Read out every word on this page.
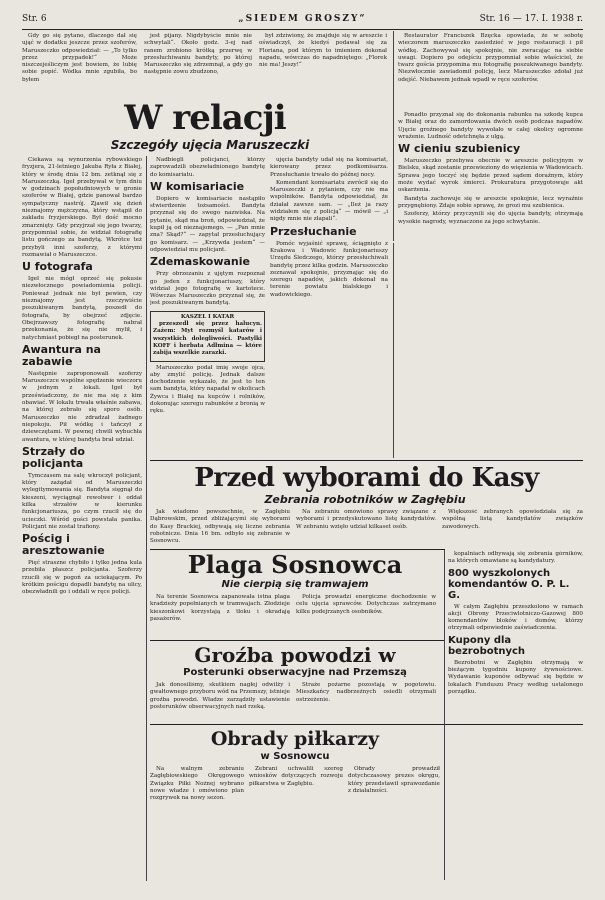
Str. 6	„SIEDEM GROSZY“	Str. 16 — 17. I. 1938 r.

Gdy go się pytano, dlaczego dał się ująć w dodatku jeszcze przez szoferów, Maruszeczko odpowiedział: — „To tylko przez przypadek!“ Może niszczejeśliczym jest bowiem, że lubię sobie popić. Wódka mnie zgubiła, bo byłem

jest pijany. Nigdybyście mnie nie schwytali“. Około godz. 3-ej nad ranem zrobiono krótką przerwę w przesłuchiwaniu bandyty, po której Maruszeczko się zdrzemnął, a gdy go następnie zowu zbudzono,

był zdziwiony, że znajduje się w areszcie i oświadczył, że kiedyś podawał się za Floriana, pod którym to imieniem dokonał napadu, wówczas do napadniętego: „Florek nie ma! Jeszy!“

Restaurator Franciszek Bzęcka opowiada, że w sobotę wieczorem maruszeczko zasiedzieć w jego restauracji i pił wódkę. Zachowywał się spokojnie, nie zwracając na siebie uwagi. Dopiero po odejściu przypomniał sobie właściciel, że twarz gościa przypomina mu fotografię poszukiwanego bandyty. Niezwłocznie zawiadomił policję, lecz Maruszeczko zdołał już odejść. Niebawem jednak wpadł w ręce szoferów.

W relacji
Szczegóły ujęcia Maruszeczki

Ciekawa są wynurzenia rybowskiego fryzjera, 21-letniego Jakuba Ryła z Białej, który w środę dnia 12 bm. zetknął się z Maruszeczką. Igeł przebywał w tym dniu w godzinach popołudniowych w gronie szoferów w Białej, gdzie panował bardzo sympatyczny nastrój. Zjawił się dzień nieznajomy mężczyzna, który wstąpił do zakładu fryzjerskiego. Był dość mocno zmarznięty. Gdy przyjrzał się jego twarzy, przypomniał sobie, że widział fotografię listu gończego za bandytą. Wkrótce też przybyli inni szoferzy, z którymi rozmawiał o Maruszeczce.

U fotografa

Igeł nie mógł oprzeć się pokusie niezwłocznego powiadomienia policji. Ponieważ jednak nie był pewien, czy nieznajomy jest rzeczywiście poszukiwanym bandytą, poszedł do fotografa, by obejrzeć zdjęcie. Obejrzawszy fotografię nabrał przekonania, że się nie mylił, i natychmiast pobiegł na posterunek.

Awantura na zabawie

Następnie zaproponowali szoferzy Maruszeczce wspólne spędzenie wieczoru w jednym z lokali. Igeł był przeświadczony, że nie ma się z kim obawiać. W lokalu trwała właśnie zabawa, na której zebrało się sporo osób. Maruszeczko nie zdradzał żadnego niepokoju. Pił wódkę i tańczył z dziewczętami. W pewnej chwili wybuchła awantura, w której bandyta brał udział.

Strzały do policjanta

Tymczasem na salę wkroczył policjant, który zażądał od Maruszeczki wylegitymowania się. Bandyta sięgnął do kieszeni, wyciągnął rewolwer i oddał kilka strzałów w kierunku funkcjonariusza, po czym rzucił się do ucieczki. Wśród gości powstała panika. Policjant nie został trafiony.

Pościg i aresztowanie

Pięć straszne chybiło i tylko jedna kula przebiła płaszcz policjanta. Szoferzy rzucili się w pogoń za uciekającym. Po krótkim pościgu dopadli bandytę na ulicy, obezwładnili go i oddali w ręce policji.

Nadbiegli policjanci, którzy zaprowadzili obezwładnionego bandytę do komisariatu.

W komisariacie

Dopiero w komisariacie nastąpiło stwierdzenie tożsamości. Bandyta przyznał się do swego nazwiska. Na pytanie, skąd ma broń, odpowiedział, że kupił ją od nieznajomego. — „Pan mnie zna? Skąd?“ — zapytał przesłuchujący go komisarz. — „Krzywda jestem“ — odpowiedział mu policjant.

Zdemaskowanie

Przy obrzezaniu z ujętym rozpoznał go jeden z funkcjonariuszy, który widział jego fotografię w kartotece. Wówczas Maruszeczko przyznał się, że jest poszukiwanym bandytą.

KASZEL I KATAR

przeszedł się przez halucyn. Zażem: Myt rozmyśl katarów i wszystkich dolegliwości. Pastylki KOFF i herbata Adłmina — które zabija wszelkie zarazki.

Maruszeczko podał imię swoje ojca, aby zmylić policję. Jednak dalsze dochodzenie wykazało, że jest to ten sam bandyta, który napadał w okolicach Żywca i Białej na kupców i rolników, dokonując szeregu rabunków z bronią w ręku.

ujęcia bandyty udał się na komisariat, kierowany przez podkomisarza. Przesłuchanie trwało do późnej nocy.

Komendant komisariatu zwrócił się do Maruszeczki z pytaniem, czy nie ma wspólników. Bandyta odpowiedział, że działał zawsze sam. — „Ileż ja razy widziałem się z policją“ — mówił — „i nigdy mnie nie złapali“.

Przesłuchanie

Pomóc wyjaśnić sprawę, ściągnięto z Krakowa i Wadowic funkcjonariuszy Urzędu Śledczego, którzy przesłuchiwali bandytę przez kilka godzin. Maruszeczko zeznawał spokojnie, przyznając się do szeregu napadów, jakich dokonał na terenie powiatu bialskiego i wadowickiego.

Ponadto przyznał się do dokonania rabunku na szkodę kupca w Białej oraz do zamordowania dwóch osób podczas napadów. Ujęcie groźnego bandyty wywołało w całej okolicy ogromne wrażenie. Ludność odetchnęła z ulgą.

W cieniu szubienicy

Maruszeczko przebywa obecnie w areszcie policyjnym w Bielsku, skąd zostanie przewieziony do więzienia w Wadowicach. Sprawa jego toczyć się będzie przed sądem doraźnym, który może wydać wyrok śmierci. Prokuratura przygotowuje akt oskarżenia.

Bandyta zachowuje się w areszcie spokojnie, lecz wyraźnie przygnębiony. Zdaje sobie sprawę, że grozi mu szubienica.

Szoferzy, którzy przyczynili się do ujęcia bandyty, otrzymają wysokie nagrody, wyznaczone za jego schwytanie.

Przed wyborami do Kasy
Zebrania robotników w Zagłębiu

Jak wiadomo powszechnie, w Zagłębiu Dąbrowskim, przed zbliżającymi się wyborami do Kasy Brackiej, odbywają się liczne zebrania robotnicze. Dnia 16 bm. odbyło się zebranie w Sosnowcu.

Na zebraniu omówiono sprawy związane z wyborami i przedyskutowano listę kandydatów. W zebraniu wzięło udział kilkaset osób.

Większość zebranych opowiedziała się za wspólną listą kandydatów związków zawodowych.

Plaga Sosnowca
Nie cierpią się tramwajem

Na terenie Sosnowca zapanowała istna plaga kradzieży popełnianych w tramwajach. Złodzieje kieszonkowi korzystają z tłoku i okradają pasażerów.

Policja prowadzi energiczne dochodzenie w celu ujęcia sprawców. Dotychczas zatrzymano kilku podejrzanych osobników.

Groźba powodzi w
Posterunki obserwacyjne nad Przemszą

Jak donosiliśmy, skutkiem nagłej odwilży i gwałtownego przyboru wód na Przemszy, istnieje groźba powodzi. Władze zarządziły ustawienie posterunków obserwacyjnych nad rzeką.

Straże pożarne pozostają w pogotowiu. Mieszkańcy nadbrzeżnych osiedli otrzymali ostrzeżenie.

Obrady piłkarzy
w Sosnowcu

Na walnym zebraniu Zagłębiowskiego Okręgowego Związku Piłki Nożnej wybrano nowe władze i omówiono plan rozgrywek na nowy sezon.

Zebrani uchwalili szereg wniosków dotyczących rozwoju piłkarstwa w Zagłębiu.

Obrady prowadził dotychczasowy prezes okręgu, który przedstawił sprawozdanie z działalności.

kopalniach odbywają się zebrania górników, na których omawiane są kandydatury.

800 wyszkolonych komendantów O. P. L. G.

W całym Zagłębiu przeszkolono w ramach akcji Obrony Przeciwlotniczo-Gazowej 800 komendantów bloków i domów, którzy otrzymali odpowiednie zaświadczenia.

Kupony dla bezrobotnych

Bezrobotni w Zagłębiu otrzymają w bieżącym tygodniu kupony żywnościowe. Wydawanie kuponów odbywać się będzie w lokalach Funduszu Pracy według ustalonego porządku.
